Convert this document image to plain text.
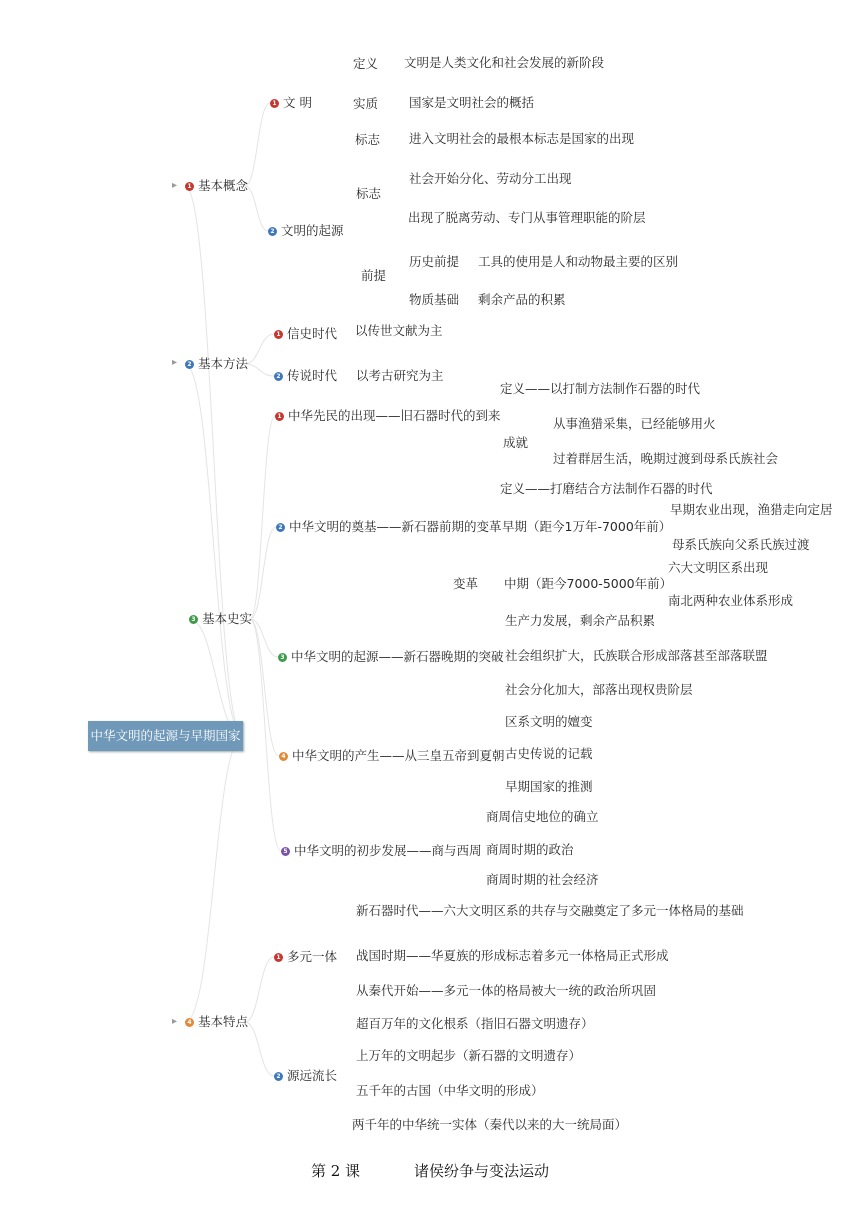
中华文明的起源与早期国家
▸	1 基本概念
▸	2 基本方法
3 基本史实
▸	4 基本特点
1 文 明
定义 文明是人类文化和社会发展的新阶段
实质 国家是文明社会的概括
标志 进入文明社会的最根本标志是国家的出现
2 文明的起源
标志
社会开始分化、劳动分工出现
出现了脱离劳动、专门从事管理职能的阶层
前提
历史前提 工具的使用是人和动物最主要的区别
物质基础 剩余产品的积累
1 信史时代 以传世文献为主
2 传说时代 以考古研究为主
1 中华先民的出现——旧石器时代的到来
定义——以打制方法制作石器的时代
成就
从事渔猎采集，已经能够用火
过着群居生活，晚期过渡到母系氏族社会
2 中华文明的奠基——新石器前期的变革
定义——打磨结合方法制作石器的时代
变革
早期（距今1万年-7000年前）
早期农业出现，渔猎走向定居
母系氏族向父系氏族过渡
中期（距今7000-5000年前）
六大文明区系出现
南北两种农业体系形成
3 中华文明的起源——新石器晚期的突破
生产力发展，剩余产品积累
社会组织扩大，氏族联合形成部落甚至部落联盟
社会分化加大，部落出现权贵阶层
4 中华文明的产生——从三皇五帝到夏朝
区系文明的嬗变
古史传说的记载
早期国家的推测
5 中华文明的初步发展——商与西周
商周信史地位的确立
商周时期的政治
商周时期的社会经济
1 多元一体
新石器时代——六大文明区系的共存与交融奠定了多元一体格局的基础
战国时期——华夏族的形成标志着多元一体格局正式形成
从秦代开始——多元一体的格局被大一统的政治所巩固
2 源远流长
超百万年的文化根系（指旧石器文明遗存）
上万年的文明起步（新石器的文明遗存）
五千年的古国（中华文明的形成）
两千年的中华统一实体（秦代以来的大一统局面）
第 2 课	诸侯纷争与变法运动
